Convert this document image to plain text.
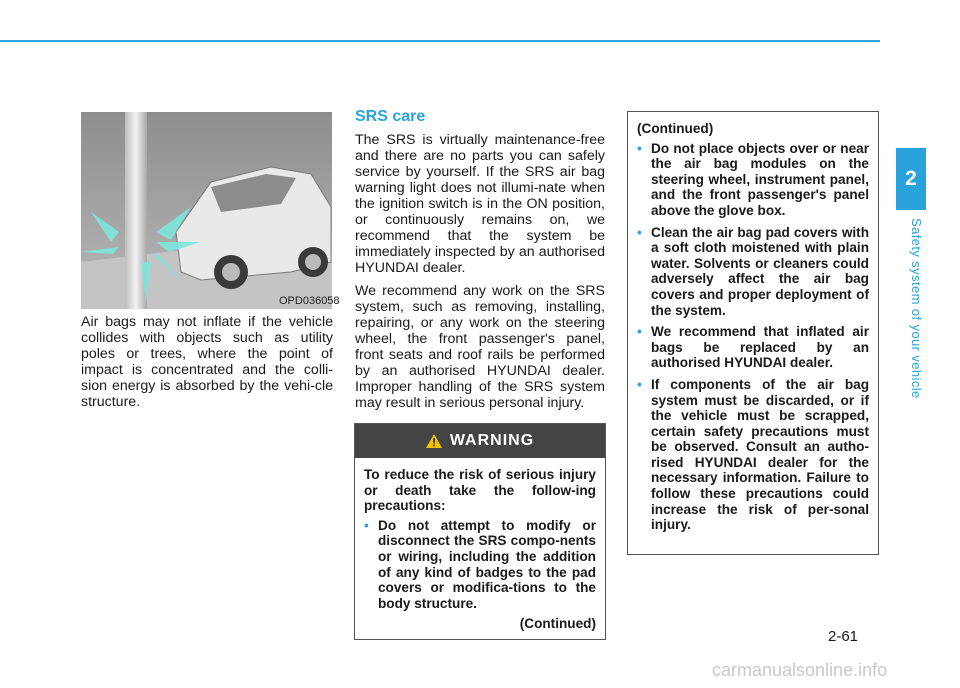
2
Safety system of your vehicle
OPD036058
Air bags may not inflate if the vehicle collides with objects such as utility poles or trees, where the point of impact is concentrated and the colli-sion energy is absorbed by the vehi-cle structure.
SRS care

The SRS is virtually maintenance-free and there are no parts you can safely service by yourself. If the SRS air bag warning light does not illumi-nate when the ignition switch is in the ON position, or continuously remains on, we recommend that the system be immediately inspected by an authorised HYUNDAI dealer.

We recommend any work on the SRS system, such as removing, installing, repairing, or any work on the steering wheel, the front passenger's panel, front seats and roof rails be performed by an authorised HYUNDAI dealer. Improper handling of the SRS system may result in serious personal injury.

WARNING

To reduce the risk of serious injury or death take the follow-ing precautions:

• Do not attempt to modify or disconnect the SRS compo-nents or wiring, including the addition of any kind of badges to the pad covers or modifica-tions to the body structure.
(Continued)
(Continued)
• Do not place objects over or near the air bag modules on the steering wheel, instrument panel, and the front passenger's panel above the glove box.
• Clean the air bag pad covers with a soft cloth moistened with plain water. Solvents or cleaners could adversely affect the air bag covers and proper deployment of the system.
• We recommend that inflated air bags be replaced by an authorised HYUNDAI dealer.
• If components of the air bag system must be discarded, or if the vehicle must be scrapped, certain safety precautions must be observed. Consult an autho-rised HYUNDAI dealer for the necessary information. Failure to follow these precautions could increase the risk of per-sonal injury.
2-61
carmanualsonline.info
